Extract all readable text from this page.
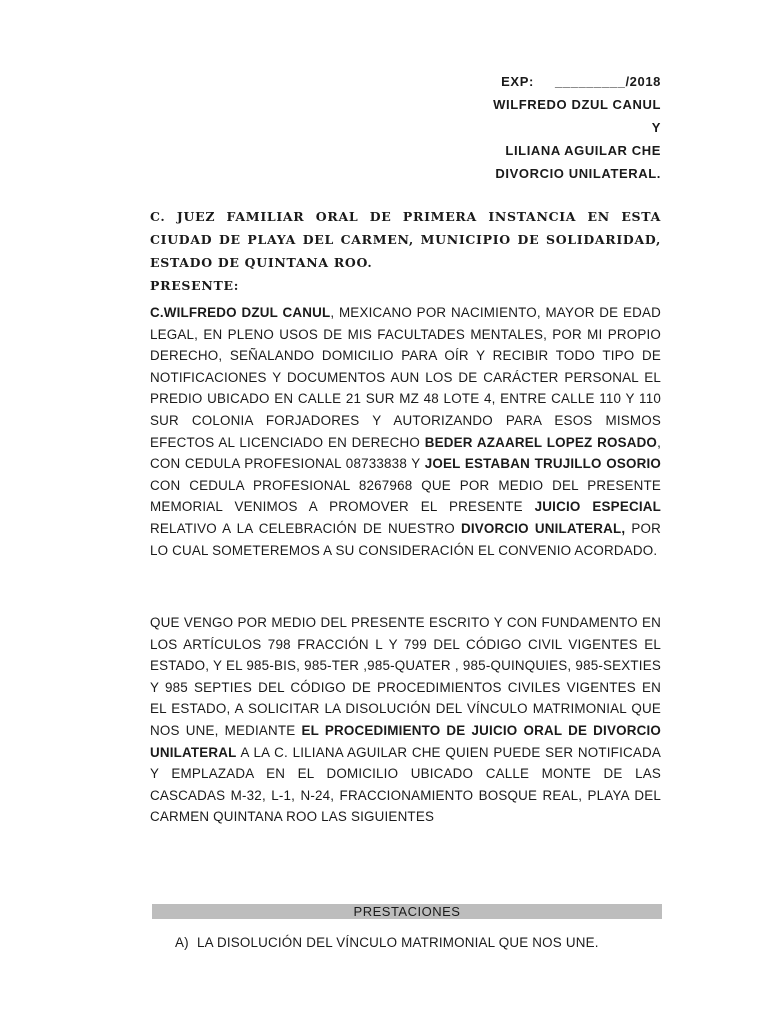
EXP: _________/2018
WILFREDO DZUL CANUL
Y
LILIANA AGUILAR CHE
DIVORCIO UNILATERAL.

C. JUEZ FAMILIAR ORAL DE PRIMERA INSTANCIA EN ESTA CIUDAD DE PLAYA DEL CARMEN, MUNICIPIO DE SOLIDARIDAD, ESTADO DE QUINTANA ROO.

PRESENTE:

C.WILFREDO DZUL CANUL, MEXICANO POR NACIMIENTO, MAYOR DE EDAD LEGAL, EN PLENO USOS DE MIS FACULTADES MENTALES, POR MI PROPIO DERECHO, SEÑALANDO DOMICILIO PARA OÍR Y RECIBIR TODO TIPO DE NOTIFICACIONES Y DOCUMENTOS AUN LOS DE CARÁCTER PERSONAL EL PREDIO UBICADO EN CALLE 21 SUR MZ 48 LOTE 4, ENTRE CALLE 110 Y 110 SUR COLONIA FORJADORES Y AUTORIZANDO PARA ESOS MISMOS EFECTOS AL LICENCIADO EN DERECHO BEDER AZAAREL LOPEZ ROSADO, CON CEDULA PROFESIONAL 08733838 Y JOEL ESTABAN TRUJILLO OSORIO CON CEDULA PROFESIONAL 8267968 QUE POR MEDIO DEL PRESENTE MEMORIAL VENIMOS A PROMOVER EL PRESENTE JUICIO ESPECIAL RELATIVO A LA CELEBRACIÓN DE NUESTRO DIVORCIO UNILATERAL, POR LO CUAL SOMETEREMOS A SU CONSIDERACIÓN EL CONVENIO ACORDADO.

QUE VENGO POR MEDIO DEL PRESENTE ESCRITO Y CON FUNDAMENTO EN LOS ARTÍCULOS 798 FRACCIÓN L Y 799 DEL CÓDIGO CIVIL VIGENTES EL ESTADO, Y EL 985-BIS, 985-TER ,985-QUATER , 985-QUINQUIES, 985-SEXTIES Y 985 SEPTIES DEL CÓDIGO DE PROCEDIMIENTOS CIVILES VIGENTES EN EL ESTADO, A SOLICITAR LA DISOLUCIÓN DEL VÍNCULO MATRIMONIAL QUE NOS UNE, MEDIANTE EL PROCEDIMIENTO DE JUICIO ORAL DE DIVORCIO UNILATERAL A LA C. LILIANA AGUILAR CHE QUIEN PUEDE SER NOTIFICADA Y EMPLAZADA EN EL DOMICILIO UBICADO CALLE MONTE DE LAS CASCADAS M-32, L-1, N-24, FRACCIONAMIENTO BOSQUE REAL, PLAYA DEL CARMEN QUINTANA ROO LAS SIGUIENTES

PRESTACIONES
A) LA DISOLUCIÓN DEL VÍNCULO MATRIMONIAL QUE NOS UNE.
